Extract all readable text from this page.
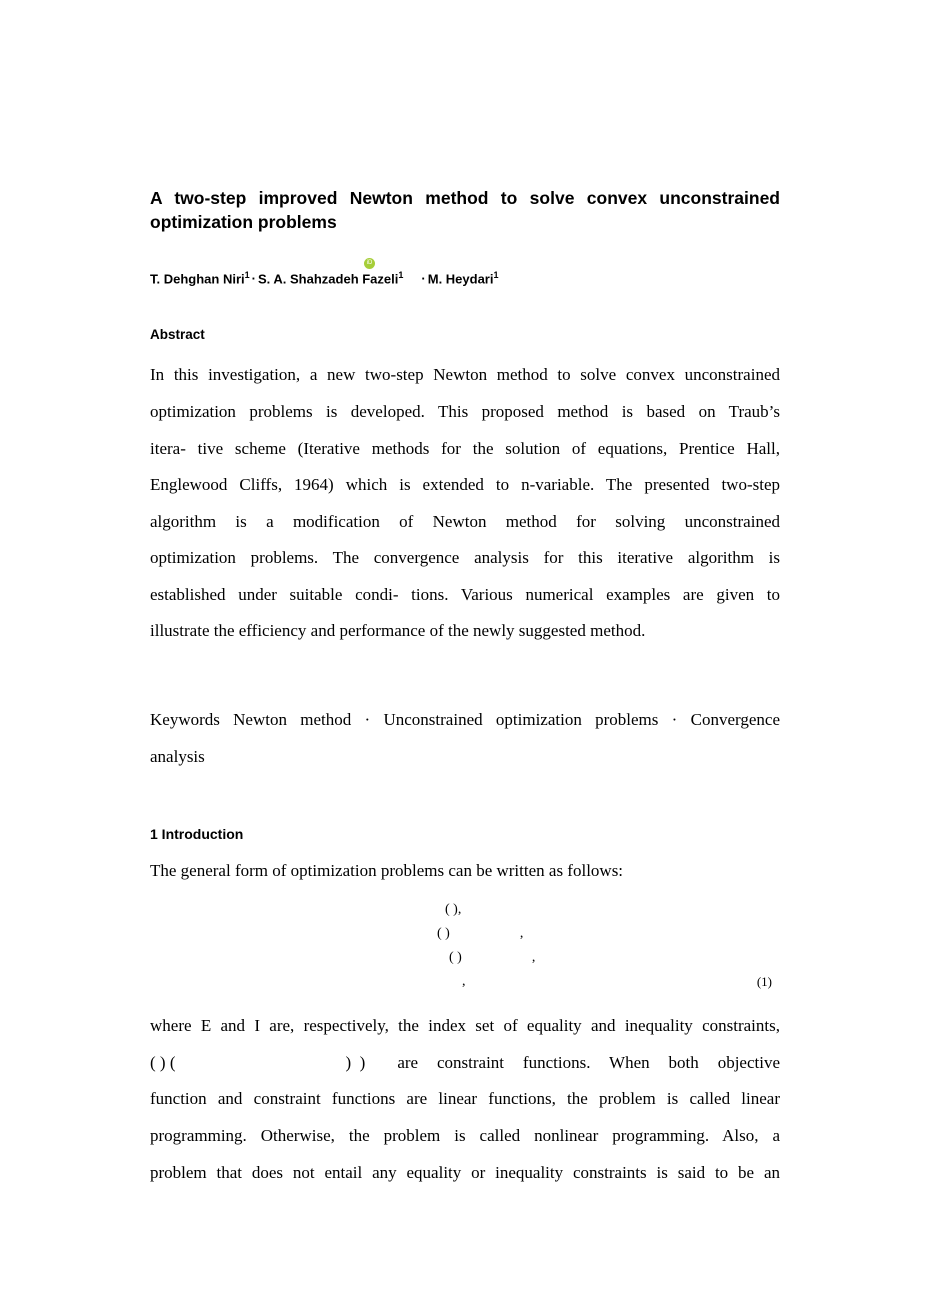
A two-step improved Newton method to solve convex unconstrained
optimization problems
T. Dehghan Niri$^1$ · S. A. Shahzadeh Fazeli$^1$
iD
· M. Heydari$^1$
Abstract
In this investigation, a new two-step Newton method to solve convex unconstrained
optimization problems is developed. This proposed method is based on Traub’s
itera- tive scheme (Iterative methods for the solution of equations, Prentice Hall,
Englewood Cliffs, 1964) which is extended to n-variable. The presented two-step
algorithm is a modification of Newton method for solving unconstrained
optimization problems. The convergence analysis for this iterative algorithm is
established under suitable condi- tions. Various numerical examples are given to
illustrate the efficiency and performance of the newly suggested method.
Keywords Newton method · Unconstrained optimization problems · Convergence
analysis
1 Introduction
The general form of optimization problems can be written as follows:
( ),
( )                    ,
( )                    ,
,	(1)
where E and I are, respectively, the index set of equality and inequality constraints,
( ) (                                        )  ) are constraint functions. When both objective
function and constraint functions are linear functions, the problem is called linear
programming. Otherwise, the problem is called nonlinear programming. Also, a
problem that does not entail any equality or inequality constraints is said to be an
